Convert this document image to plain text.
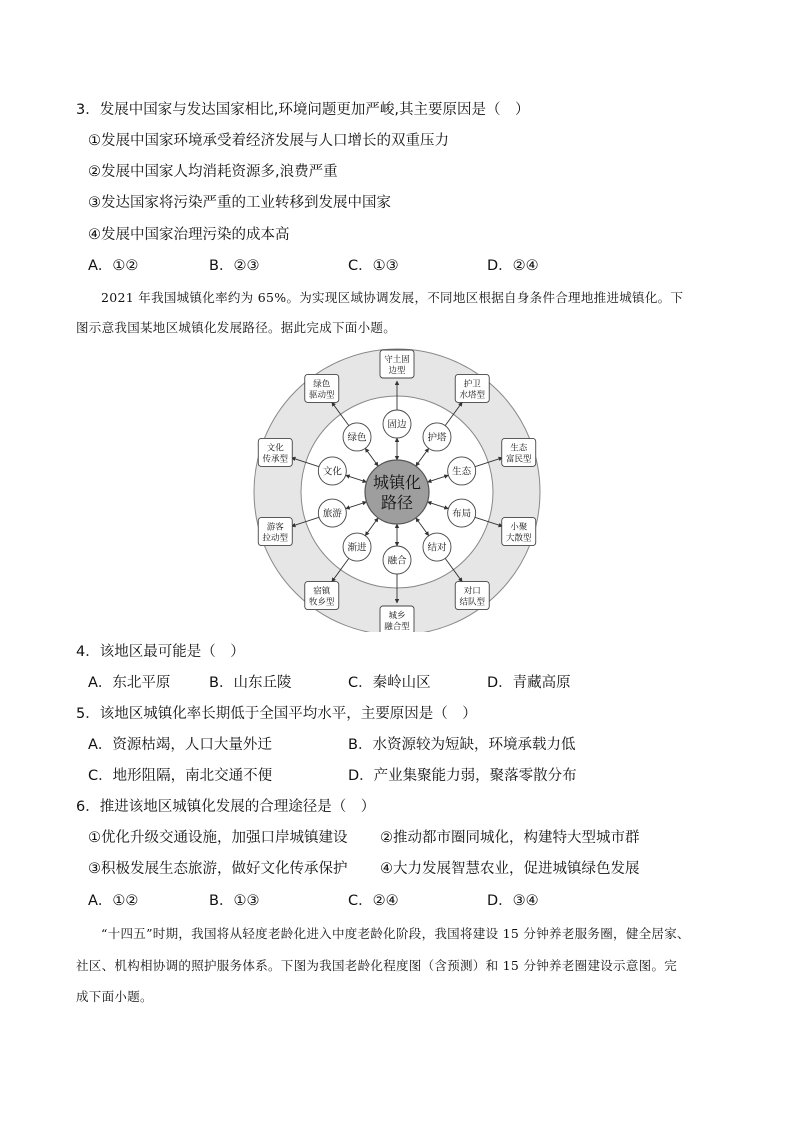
3．发展中国家与发达国家相比,环境问题更加严峻,其主要原因是（　）
①发展中国家环境承受着经济发展与人口增长的双重压力
②发展中国家人均消耗资源多,浪费严重
③发达国家将污染严重的工业转移到发展中国家
④发展中国家治理污染的成本高
A．①②	B．②③	C．①③	D．②④
2021 年我国城镇化率约为 65%。为实现区域协调发展，不同地区根据自身条件合理地推进城镇化。下
图示意我国某地区城镇化发展路径。据此完成下面小题。
固边
护塔
生态
布局
结对
融合
渐进
旅游
文化
绿色
守土固
边型
护卫
水塔型
生态
富民型
小聚
大散型
对口
结队型
城乡
融合型
宿镇
牧乡型
游客
拉动型
文化
传承型
绿色
驱动型
城镇化
路径
4．该地区最可能是（　）
A．东北平原	B．山东丘陵	C．秦岭山区	D．青藏高原
5．该地区城镇化率长期低于全国平均水平，主要原因是（　）
A．资源枯竭，人口大量外迁	B．水资源较为短缺，环境承载力低
C．地形阻隔，南北交通不便	D．产业集聚能力弱，聚落零散分布
6．推进该地区城镇化发展的合理途径是（　）
①优化升级交通设施，加强口岸城镇建设 ②推动都市圈同城化，构建特大型城市群
③积极发展生态旅游，做好文化传承保护 ④大力发展智慧农业，促进城镇绿色发展
A．①②	B．①③	C．②④	D．③④
“十四五”时期，我国将从轻度老龄化进入中度老龄化阶段，我国将建设 15 分钟养老服务圈，健全居家、
社区、机构相协调的照护服务体系。下图为我国老龄化程度图（含预测）和 15 分钟养老圈建设示意图。完
成下面小题。
